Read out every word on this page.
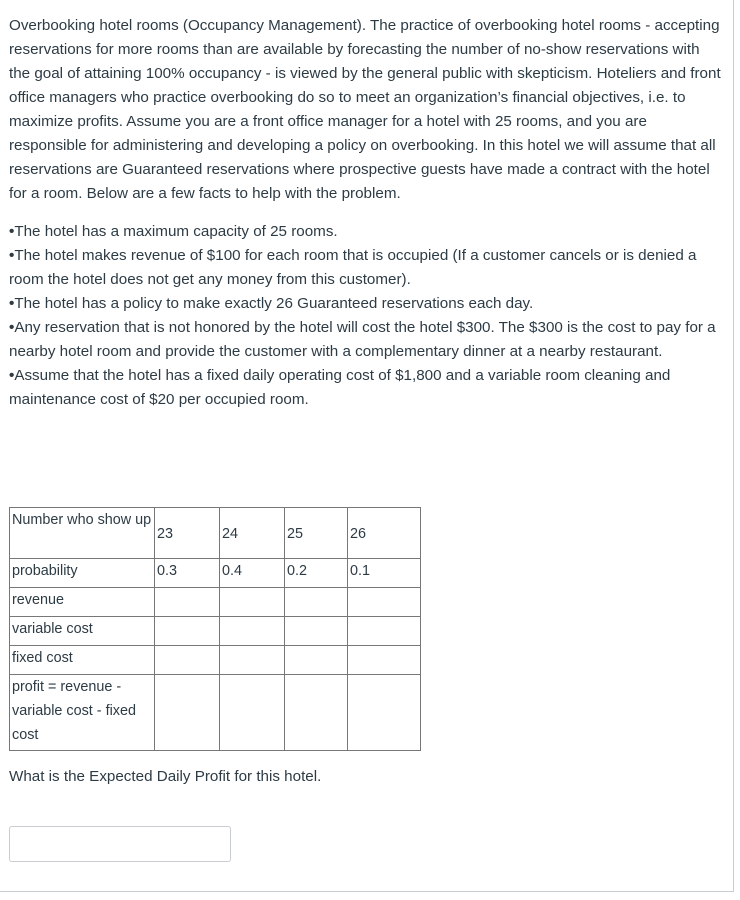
Overbooking hotel rooms (Occupancy Management). The practice of overbooking hotel rooms - accepting reservations for more rooms than are available by forecasting the number of no-show reservations with the goal of attaining 100% occupancy - is viewed by the general public with skepticism. Hoteliers and front office managers who practice overbooking do so to meet an organization’s financial objectives, i.e. to maximize profits. Assume you are a front office manager for a hotel with 25 rooms, and you are responsible for administering and developing a policy on overbooking. In this hotel we will assume that all reservations are Guaranteed reservations where prospective guests have made a contract with the hotel for a room. Below are a few facts to help with the problem.

•The hotel has a maximum capacity of 25 rooms.

•The hotel makes revenue of $100 for each room that is occupied (If a customer cancels or is denied a room the hotel does not get any money from this customer).

•The hotel has a policy to make exactly 26 Guaranteed reservations each day.

•Any reservation that is not honored by the hotel will cost the hotel $300. The $300 is the cost to pay for a nearby hotel room and provide the customer with a complementary dinner at a nearby restaurant.

•Assume that the hotel has a fixed daily operating cost of $1,800 and a variable room cleaning and maintenance cost of $20 per occupied room.

Number who show up	23	24	25	26
probability	0.3	0.4	0.2	0.1
revenue				
variable cost				
fixed cost				
profit = revenue - variable cost - fixed cost				

What is the Expected Daily Profit for this hotel.
